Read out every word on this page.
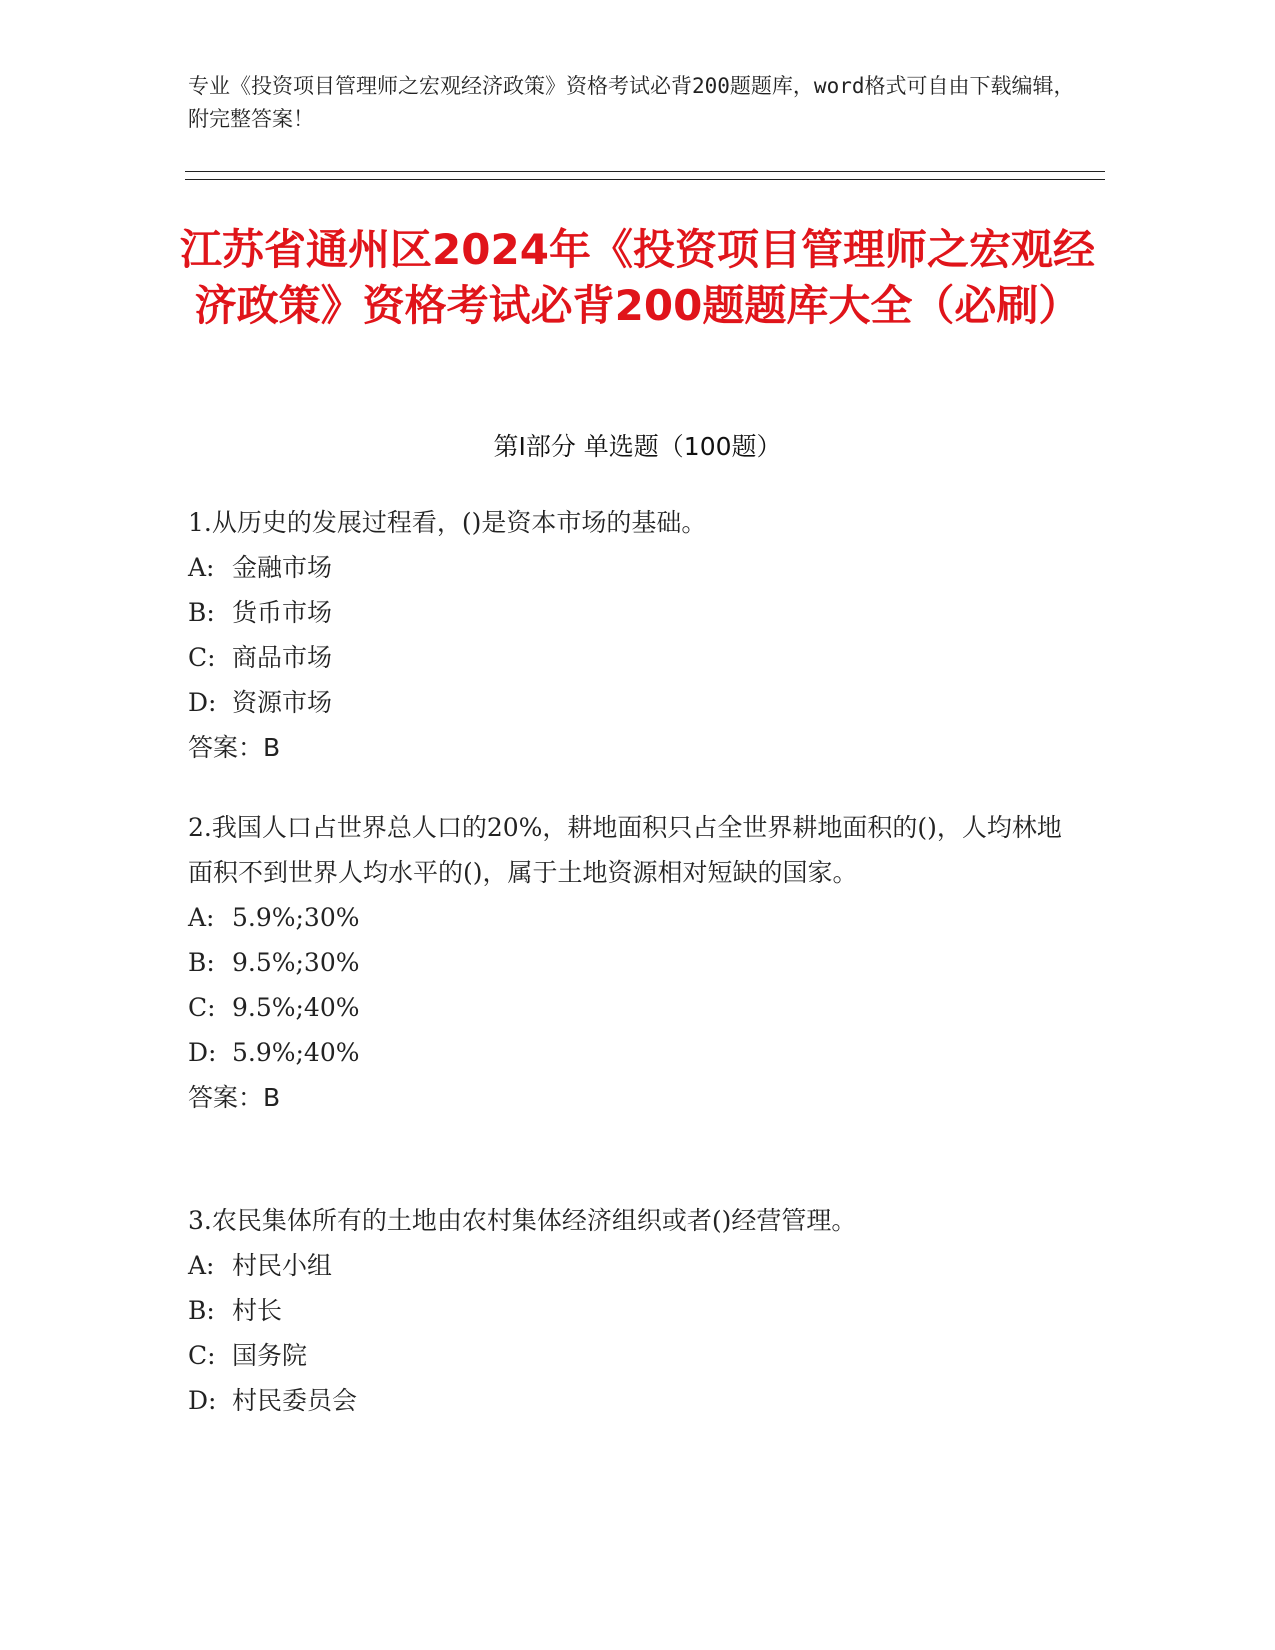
专业《投资项目管理师之宏观经济政策》资格考试必背200题题库，word格式可自由下载编辑，附完整答案！

江苏省通州区2024年《投资项目管理师之宏观经济政策》资格考试必背200题题库大全（必刷）
第I部分 单选题（100题）

1.从历史的发展过程看，()是资本市场的基础。

A: 金融市场

B: 货币市场

C: 商品市场

D: 资源市场

答案：B

2.我国人口占世界总人口的20%，耕地面积只占全世界耕地面积的()，人均林地面积不到世界人均水平的()，属于土地资源相对短缺的国家。

A: 5.9%;30%

B: 9.5%;30%

C: 9.5%;40%

D: 5.9%;40%

答案：B

3.农民集体所有的土地由农村集体经济组织或者()经营管理。

A: 村民小组

B: 村长

C: 国务院

D: 村民委员会
